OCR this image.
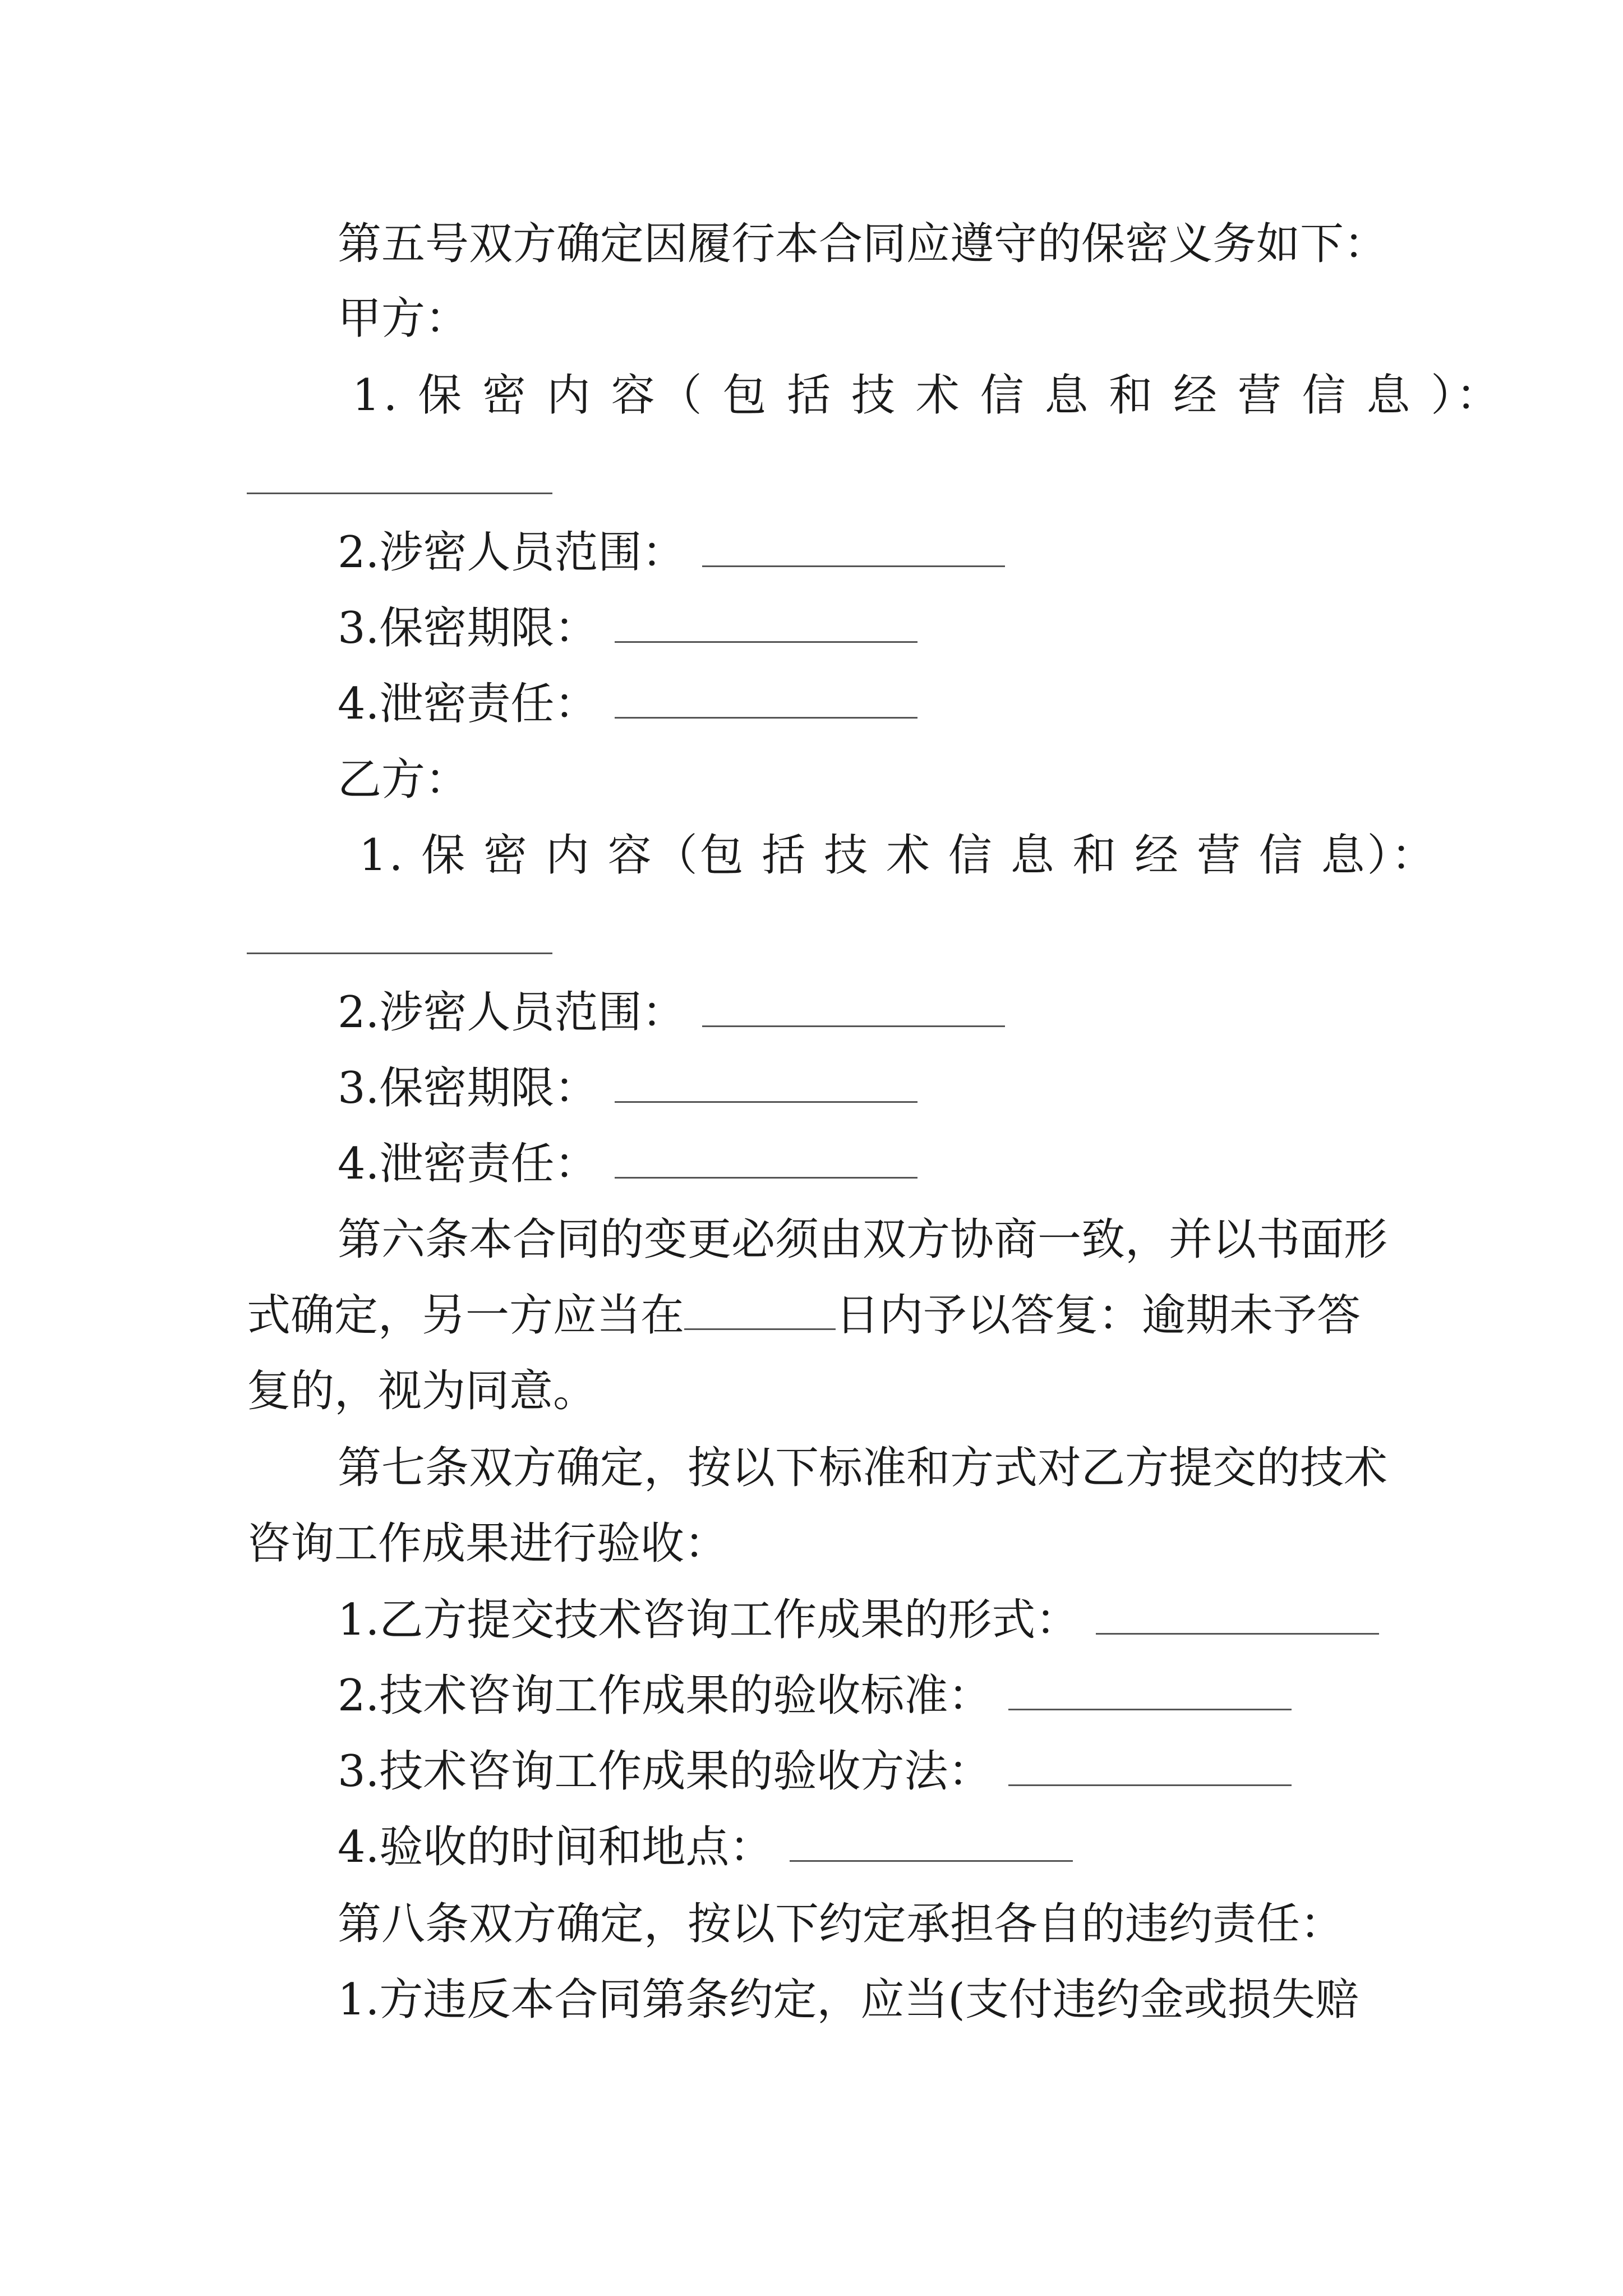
第五号双方确定因履行本合同应遵守的保密义务如下：
甲方：
1. 保 密 内 容（ 包 括 技 术 信 息 和 经 营 信 息 ）：
2.涉密人员范围：
3.保密期限：
4.泄密责任：
乙方：
1. 保 密 内 容（包 括 技 术 信 息 和 经 营 信 息）：
2.涉密人员范围：
3.保密期限：
4.泄密责任：
第六条本合同的变更必须由双方协商一致，并以书面形
式确定，另一方应当在	日内予以答复：逾期未予答
复的，视为同意。
第七条双方确定，按以下标准和方式对乙方提交的技术
咨询工作成果进行验收：
1.乙方提交技术咨询工作成果的形式：
2.技术咨询工作成果的验收标准：
3.技术咨询工作成果的验收方法：
4.验收的时间和地点：
第八条双方确定，按以下约定承担各自的违约责任：
1.方违反本合同第条约定，应当(支付违约金或损失赔
